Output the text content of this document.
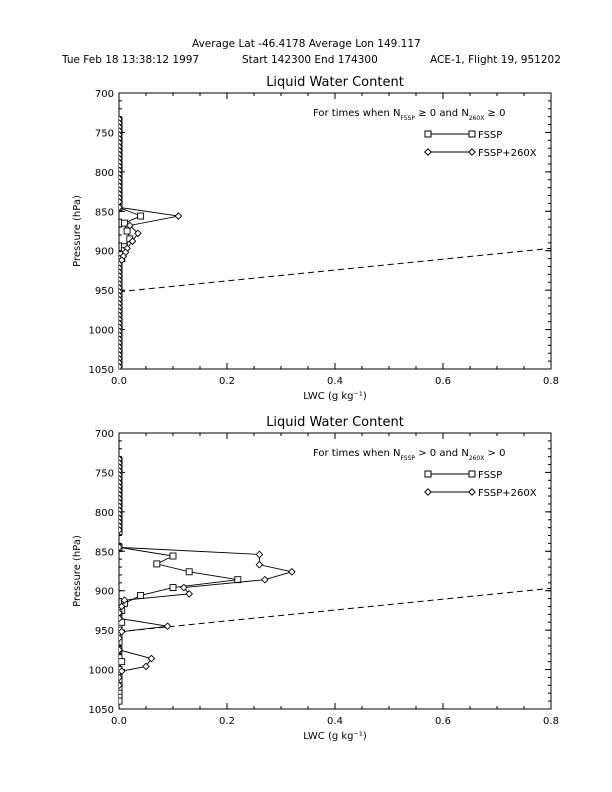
Average Lat -46.4178 Average Lon 149.117
Tue Feb 18 13:38:12 1997	Start 142300 End 174300	ACE-1, Flight 19, 951202
Liquid Water Content
0.0	0.2	0.4	0.6	0.8
700
750
800
850
900
950
1000
1050
LWC (g kg⁻¹)
Pressure (hPa)
For times when $N_{FSSP} \ge 0$ and $N_{260X} \ge 0$
FSSP
FSSP+260X
Liquid Water Content
0.0	0.2	0.4	0.6	0.8
700
750
800
850
900
950
1000
1050
LWC (g kg⁻¹)
Pressure (hPa)
For times when $N_{FSSP} > 0$ and $N_{260X} > 0$
FSSP
FSSP+260X
